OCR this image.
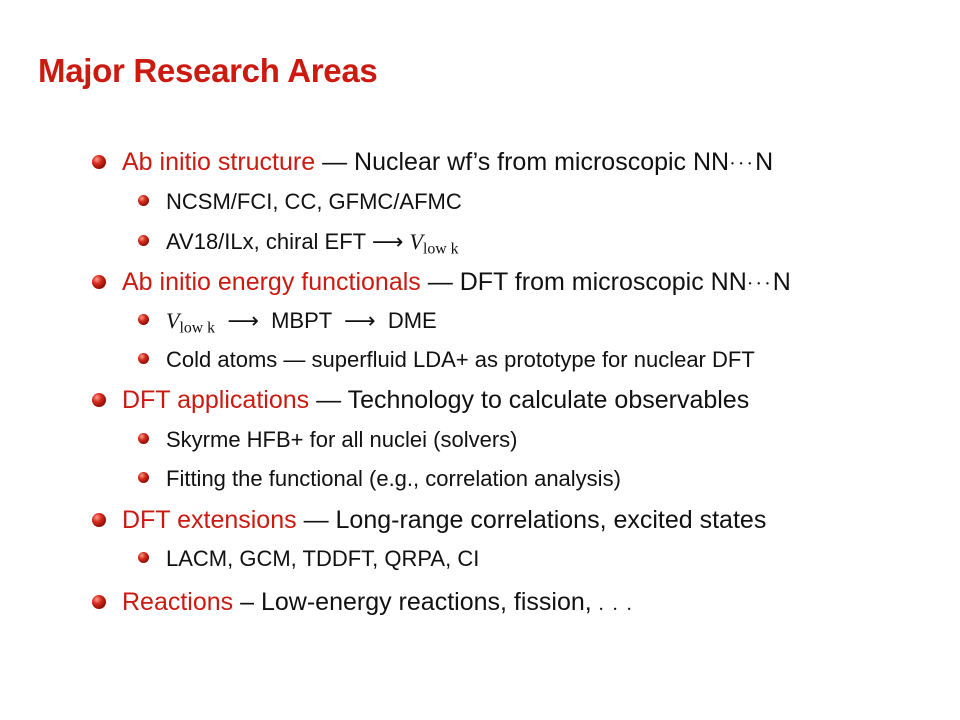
Major Research Areas
Ab initio structure — Nuclear wf’s from microscopic NN···N
NCSM/FCI, CC, GFMC/AFMC
AV18/ILx, chiral EFT ⟶ $V_{low k}$
Ab initio energy functionals — DFT from microscopic NN···N
$V_{low k}$ ⟶ MBPT ⟶ DME
Cold atoms — superfluid LDA+ as prototype for nuclear DFT
DFT applications — Technology to calculate observables
Skyrme HFB+ for all nuclei (solvers)
Fitting the functional (e.g., correlation analysis)
DFT extensions — Long-range correlations, excited states
LACM, GCM, TDDFT, QRPA, CI
Reactions – Low-energy reactions, fission, . . .
